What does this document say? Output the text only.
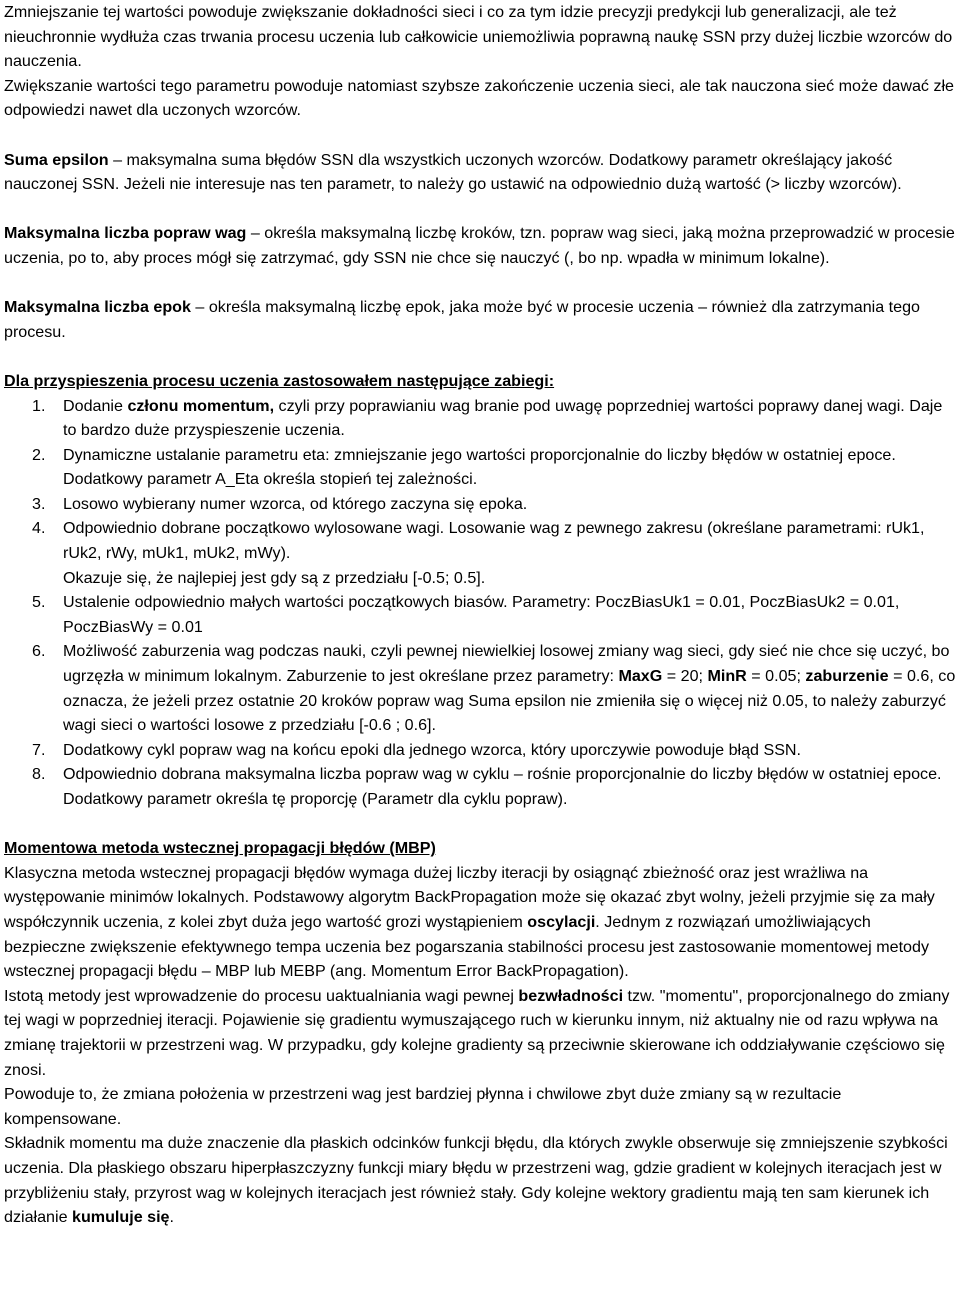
Zmniejszanie tej wartości powoduje zwiększanie dokładności sieci i co za tym idzie precyzji predykcji lub generalizacji, ale też nieuchronnie wydłuża czas trwania procesu uczenia lub całkowicie uniemożliwia poprawną naukę SSN przy dużej liczbie wzorców do nauczenia.

Zwiększanie wartości tego parametru powoduje natomiast szybsze zakończenie uczenia sieci, ale tak nauczona sieć może dawać złe odpowiedzi nawet dla uczonych wzorców.

Suma epsilon – maksymalna suma błędów SSN dla wszystkich uczonych wzorców. Dodatkowy parametr określający jakość nauczonej SSN. Jeżeli nie interesuje nas ten parametr, to należy go ustawić na odpowiednio dużą wartość (> liczby wzorców).

Maksymalna liczba popraw wag – określa maksymalną liczbę kroków, tzn. popraw wag sieci, jaką można przeprowadzić w procesie uczenia, po to, aby proces mógł się zatrzymać, gdy SSN nie chce się nauczyć (, bo np. wpadła w minimum lokalne).

Maksymalna liczba epok – określa maksymalną liczbę epok, jaka może być w procesie uczenia – również dla zatrzymania tego procesu.

Dla przyspieszenia procesu uczenia zastosowałem następujące zabiegi:

1. Dodanie członu momentum, czyli przy poprawianiu wag branie pod uwagę poprzedniej wartości poprawy danej wagi. Daje to bardzo duże przyspieszenie uczenia.
2. Dynamiczne ustalanie parametru eta: zmniejszanie jego wartości proporcjonalnie do liczby błędów w ostatniej epoce. Dodatkowy parametr A_Eta określa stopień tej zależności.
3. Losowo wybierany numer wzorca, od którego zaczyna się epoka.
4. Odpowiednio dobrane początkowo wylosowane wagi. Losowanie wag z pewnego zakresu (określane parametrami: rUk1, rUk2, rWy, mUk1, mUk2, mWy).
Okazuje się, że najlepiej jest gdy są z przedziału [-0.5; 0.5].
5. Ustalenie odpowiednio małych wartości początkowych biasów. Parametry: PoczBiasUk1 = 0.01, PoczBiasUk2 = 0.01, PoczBiasWy = 0.01
6. Możliwość zaburzenia wag podczas nauki, czyli pewnej niewielkiej losowej zmiany wag sieci, gdy sieć nie chce się uczyć, bo ugrzęzła w minimum lokalnym. Zaburzenie to jest określane przez parametry: MaxG = 20; MinR = 0.05; zaburzenie = 0.6, co oznacza, że jeżeli przez ostatnie 20 kroków popraw wag Suma epsilon nie zmieniła się o więcej niż 0.05, to należy zaburzyć wagi sieci o wartości losowe z przedziału [-0.6 ; 0.6].
7. Dodatkowy cykl popraw wag na końcu epoki dla jednego wzorca, który uporczywie powoduje błąd SSN.
8. Odpowiednio dobrana maksymalna liczba popraw wag w cyklu – rośnie proporcjonalnie do liczby błędów w ostatniej epoce. Dodatkowy parametr określa tę proporcję (Parametr dla cyklu popraw).

Momentowa metoda wstecznej propagacji błędów (MBP)

Klasyczna metoda wstecznej propagacji błędów wymaga dużej liczby iteracji by osiągnąć zbieżność oraz jest wrażliwa na występowanie minimów lokalnych. Podstawowy algorytm BackPropagation może się okazać zbyt wolny, jeżeli przyjmie się za mały współczynnik uczenia, z kolei zbyt duża jego wartość grozi wystąpieniem oscylacji. Jednym z rozwiązań umożliwiających bezpieczne zwiększenie efektywnego tempa uczenia bez pogarszania stabilności procesu jest zastosowanie momentowej metody wstecznej propagacji błędu – MBP lub MEBP (ang. Momentum Error BackPropagation).

Istotą metody jest wprowadzenie do procesu uaktualniania wagi pewnej bezwładności tzw. "momentu", proporcjonalnego do zmiany tej wagi w poprzedniej iteracji. Pojawienie się gradientu wymuszającego ruch w kierunku innym, niż aktualny nie od razu wpływa na zmianę trajektorii w przestrzeni wag. W przypadku, gdy kolejne gradienty są przeciwnie skierowane ich oddziaływanie częściowo się znosi.

Powoduje to, że zmiana położenia w przestrzeni wag jest bardziej płynna i chwilowe zbyt duże zmiany są w rezultacie kompensowane.

Składnik momentu ma duże znaczenie dla płaskich odcinków funkcji błędu, dla których zwykle obserwuje się zmniejszenie szybkości uczenia. Dla płaskiego obszaru hiperpłaszczyzny funkcji miary błędu w przestrzeni wag, gdzie gradient w kolejnych iteracjach jest w przybliżeniu stały, przyrost wag w kolejnych iteracjach jest również stały. Gdy kolejne wektory gradientu mają ten sam kierunek ich działanie kumuluje się.
